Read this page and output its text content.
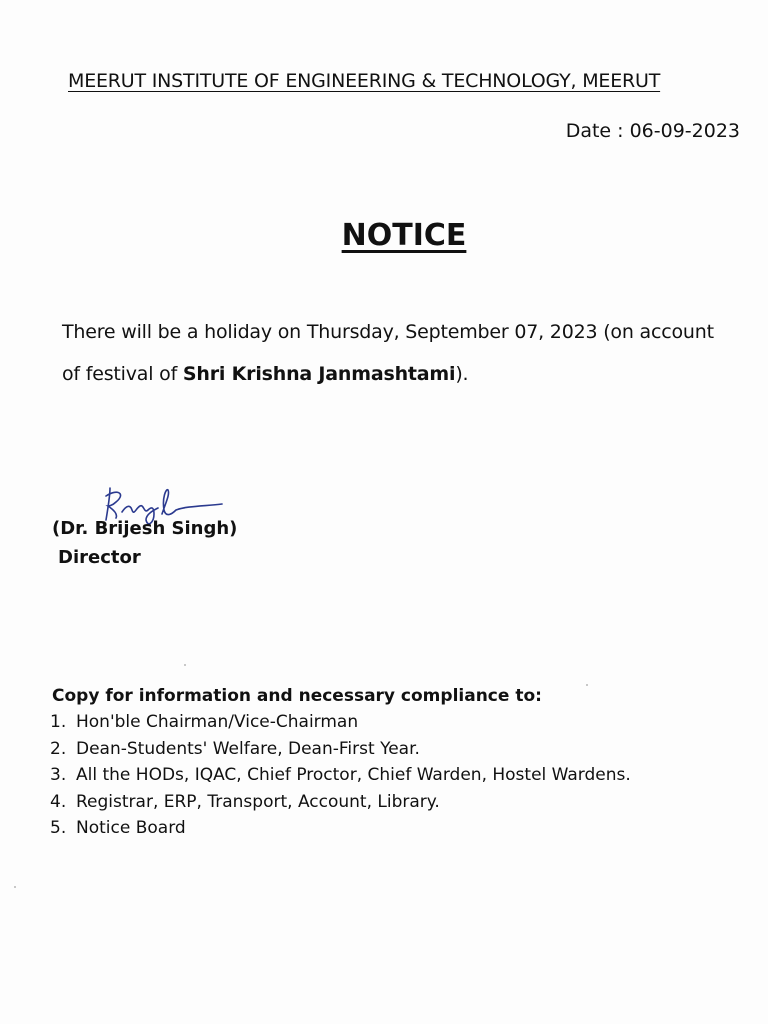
MEERUT INSTITUTE OF ENGINEERING & TECHNOLOGY, MEERUT
Date : 06-09-2023
NOTICE
There will be a holiday on Thursday, September 07, 2023 (on account
of festival of Shri Krishna Janmashtami).
(Dr. Brijesh Singh)
Director
Copy for information and necessary compliance to:
1. Hon'ble Chairman/Vice-Chairman
2. Dean-Students' Welfare, Dean-First Year.
3. All the HODs, IQAC, Chief Proctor, Chief Warden, Hostel Wardens.
4. Registrar, ERP, Transport, Account, Library.
5. Notice Board
